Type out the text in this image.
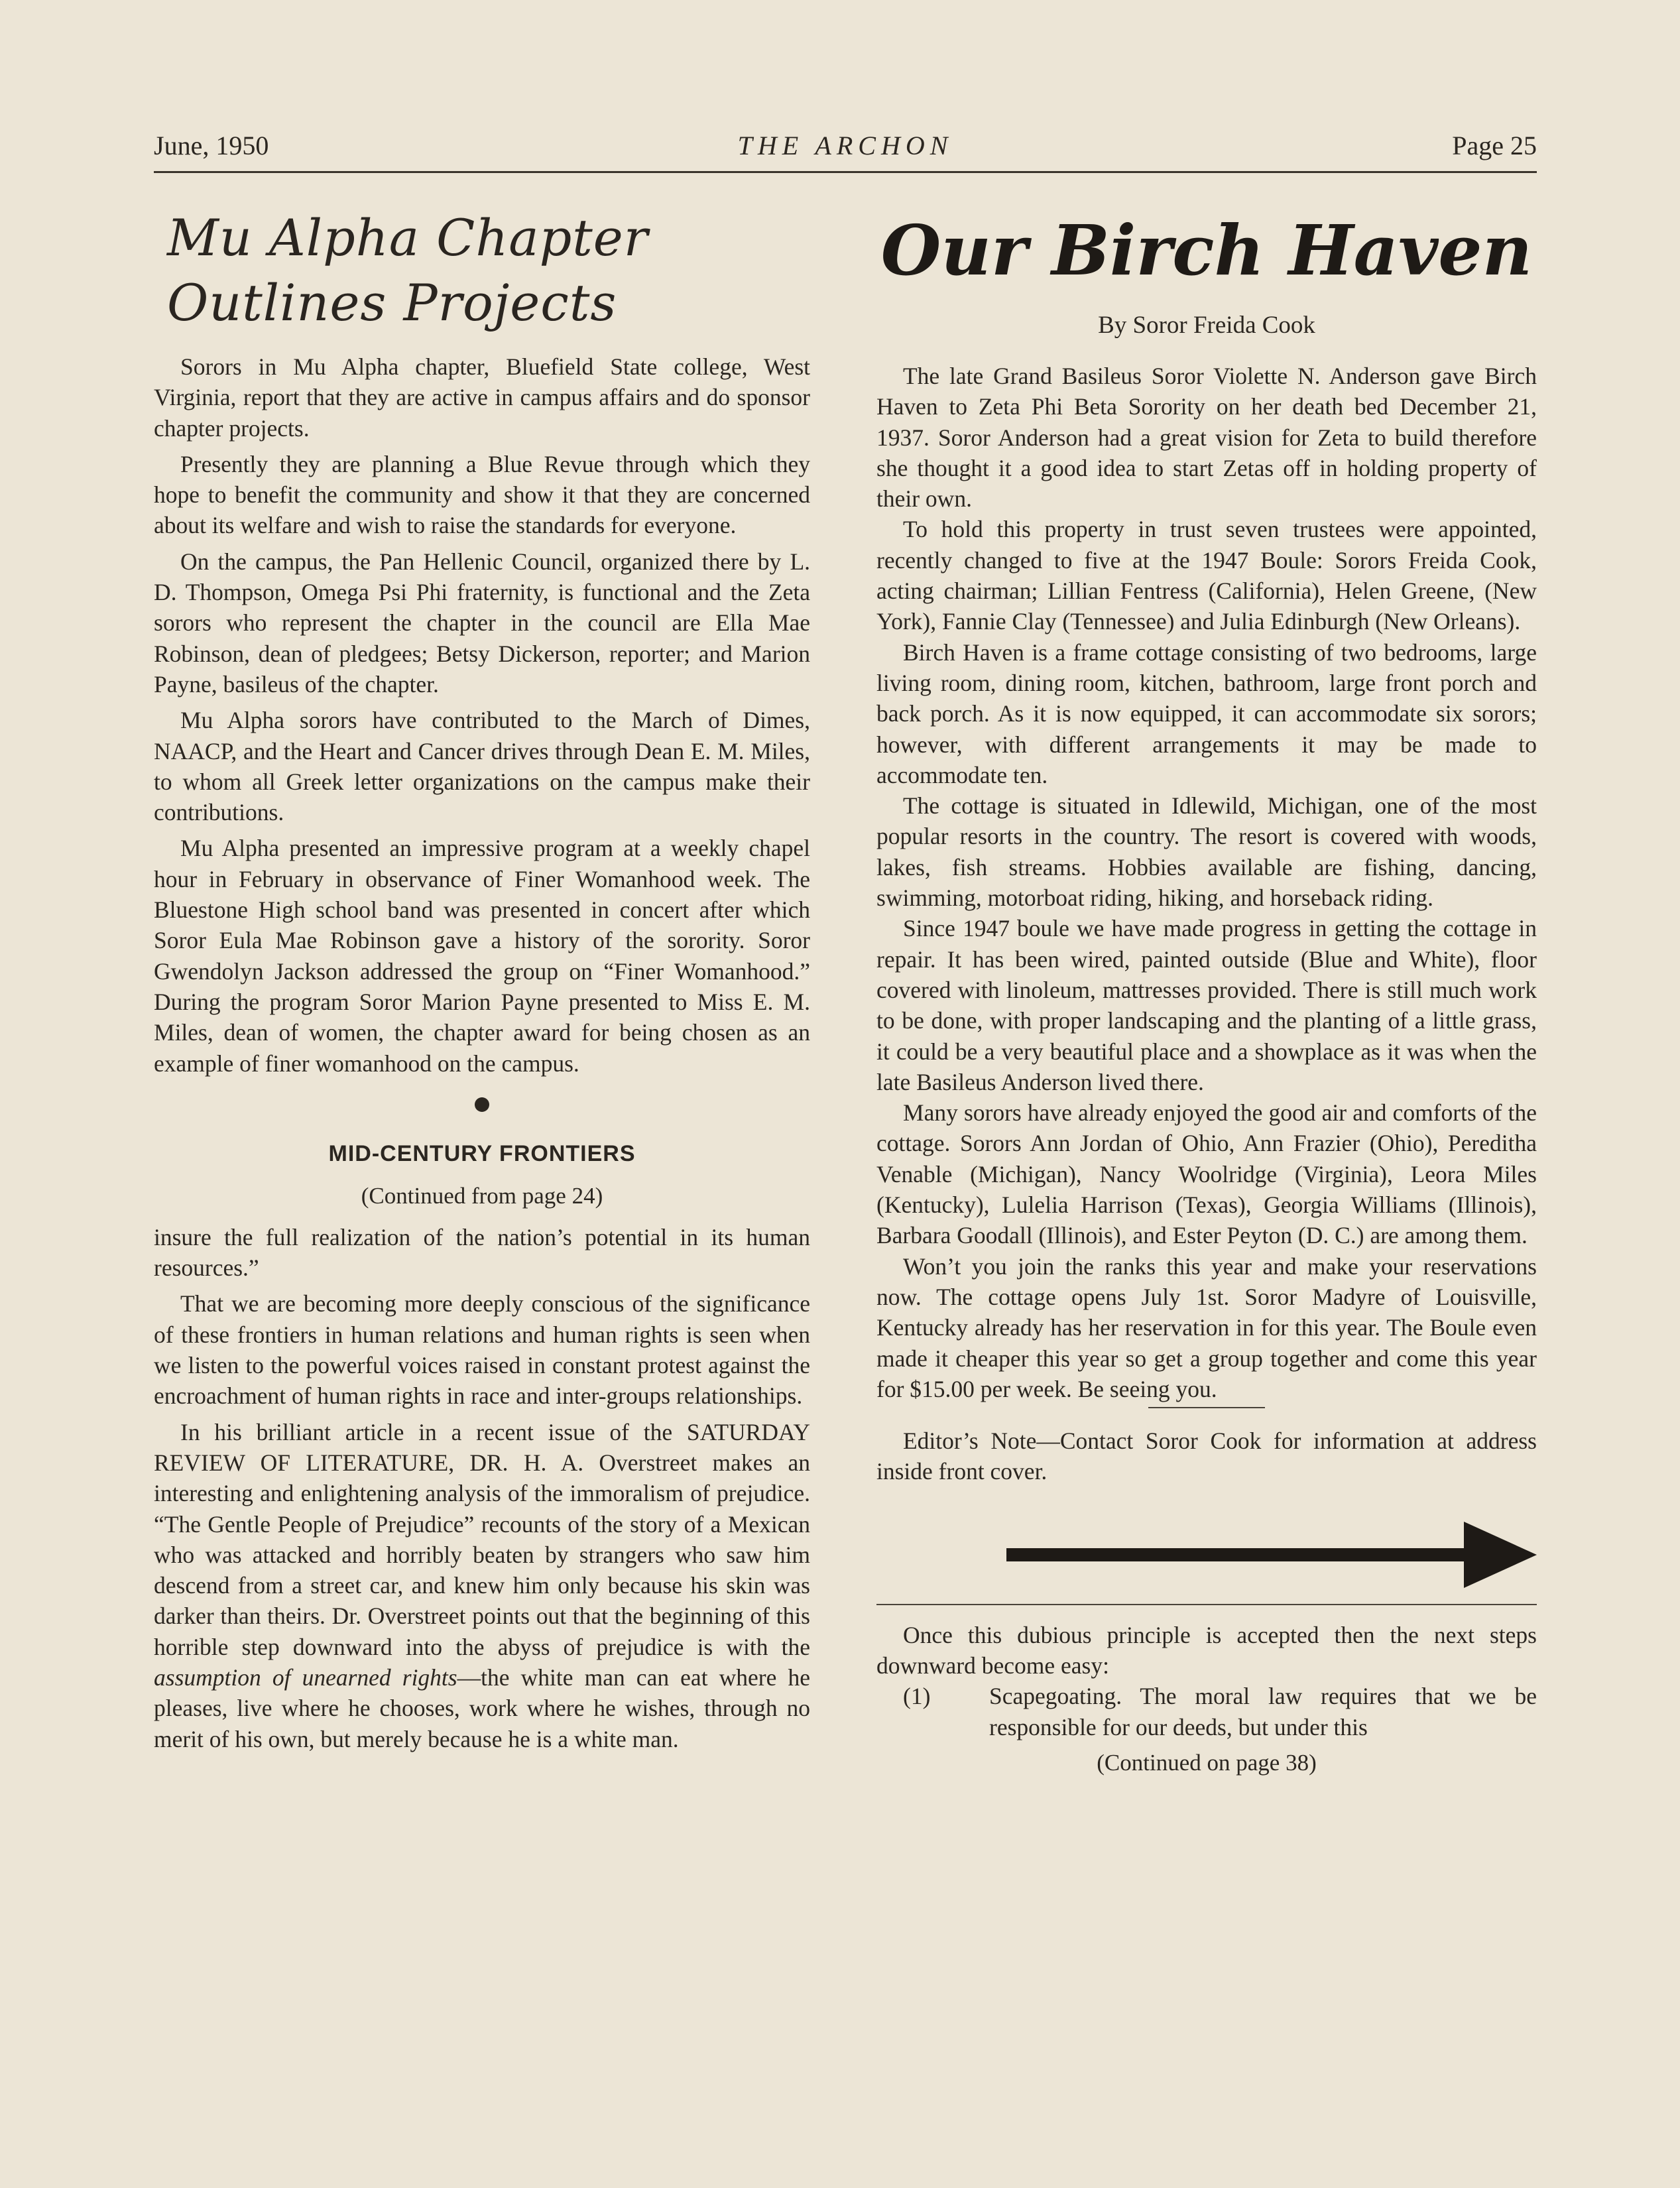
June, 1950	THE ARCHON	Page 25
Mu Alpha Chapter
Outlines Projects

Sorors in Mu Alpha chapter, Bluefield State college, West Virginia, report that they are active in campus affairs and do sponsor chapter projects.

Presently they are planning a Blue Revue through which they hope to benefit the community and show it that they are concerned about its welfare and wish to raise the standards for everyone.

On the campus, the Pan Hellenic Council, organized there by L. D. Thompson, Omega Psi Phi fraternity, is functional and the Zeta sorors who represent the chapter in the council are Ella Mae Robinson, dean of pledgees; Betsy Dickerson, reporter; and Marion Payne, basileus of the chapter.

Mu Alpha sorors have contributed to the March of Dimes, NAACP, and the Heart and Cancer drives through Dean E. M. Miles, to whom all Greek letter organizations on the campus make their contributions.

Mu Alpha presented an impressive program at a weekly chapel hour in February in observance of Finer Womanhood week. The Bluestone High school band was presented in concert after which Soror Eula Mae Robinson gave a history of the sorority. Soror Gwendolyn Jackson addressed the group on “Finer Womanhood.” During the program Soror Marion Payne presented to Miss E. M. Miles, dean of women, the chapter award for being chosen as an example of finer womanhood on the campus.

MID-CENTURY FRONTIERS

(Continued from page 24)

insure the full realization of the nation’s potential in its human resources.”

That we are becoming more deeply conscious of the significance of these frontiers in human relations and human rights is seen when we listen to the powerful voices raised in constant protest against the encroachment of human rights in race and inter-groups relationships.

In his brilliant article in a recent issue of the SATURDAY REVIEW OF LITERATURE, DR. H. A. Overstreet makes an interesting and enlightening analysis of the immoralism of prejudice. “The Gentle People of Prejudice” recounts of the story of a Mexican who was attacked and horribly beaten by strangers who saw him descend from a street car, and knew him only because his skin was darker than theirs. Dr. Overstreet points out that the beginning of this horrible step downward into the abyss of prejudice is with the assumption of unearned rights—the white man can eat where he pleases, live where he chooses, work where he wishes, through no merit of his own, but merely because he is a white man.

Our Birch Haven

By Soror Freida Cook

The late Grand Basileus Soror Violette N. Anderson gave Birch Haven to Zeta Phi Beta Sorority on her death bed December 21, 1937. Soror Anderson had a great vision for Zeta to build therefore she thought it a good idea to start Zetas off in holding property of their own.

To hold this property in trust seven trustees were appointed, recently changed to five at the 1947 Boule: Sorors Freida Cook, acting chairman; Lillian Fentress (California), Helen Greene, (New York), Fannie Clay (Tennessee) and Julia Edinburgh (New Orleans).

Birch Haven is a frame cottage consisting of two bedrooms, large living room, dining room, kitchen, bathroom, large front porch and back porch. As it is now equipped, it can accommodate six sorors; however, with different arrangements it may be made to accommodate ten.

The cottage is situated in Idlewild, Michigan, one of the most popular resorts in the country. The resort is covered with woods, lakes, fish streams. Hobbies available are fishing, dancing, swimming, motorboat riding, hiking, and horseback riding.

Since 1947 boule we have made progress in getting the cottage in repair. It has been wired, painted outside (Blue and White), floor covered with linoleum, mattresses provided. There is still much work to be done, with proper landscaping and the planting of a little grass, it could be a very beautiful place and a showplace as it was when the late Basileus Anderson lived there.

Many sorors have already enjoyed the good air and comforts of the cottage. Sorors Ann Jordan of Ohio, Ann Frazier (Ohio), Pereditha Venable (Michigan), Nancy Woolridge (Virginia), Leora Miles (Kentucky), Lulelia Harrison (Texas), Georgia Williams (Illinois), Barbara Goodall (Illinois), and Ester Peyton (D. C.) are among them.

Won’t you join the ranks this year and make your reservations now. The cottage opens July 1st. Soror Madyre of Louisville, Kentucky already has her reservation in for this year. The Boule even made it cheaper this year so get a group together and come this year for $15.00 per week. Be seeing you.

Editor’s Note—Contact Soror Cook for information at address inside front cover.

Once this dubious principle is accepted then the next steps downward become easy:

(1)	Scapegoating. The moral law requires that we be responsible for our deeds, but under this

(Continued on page 38)
